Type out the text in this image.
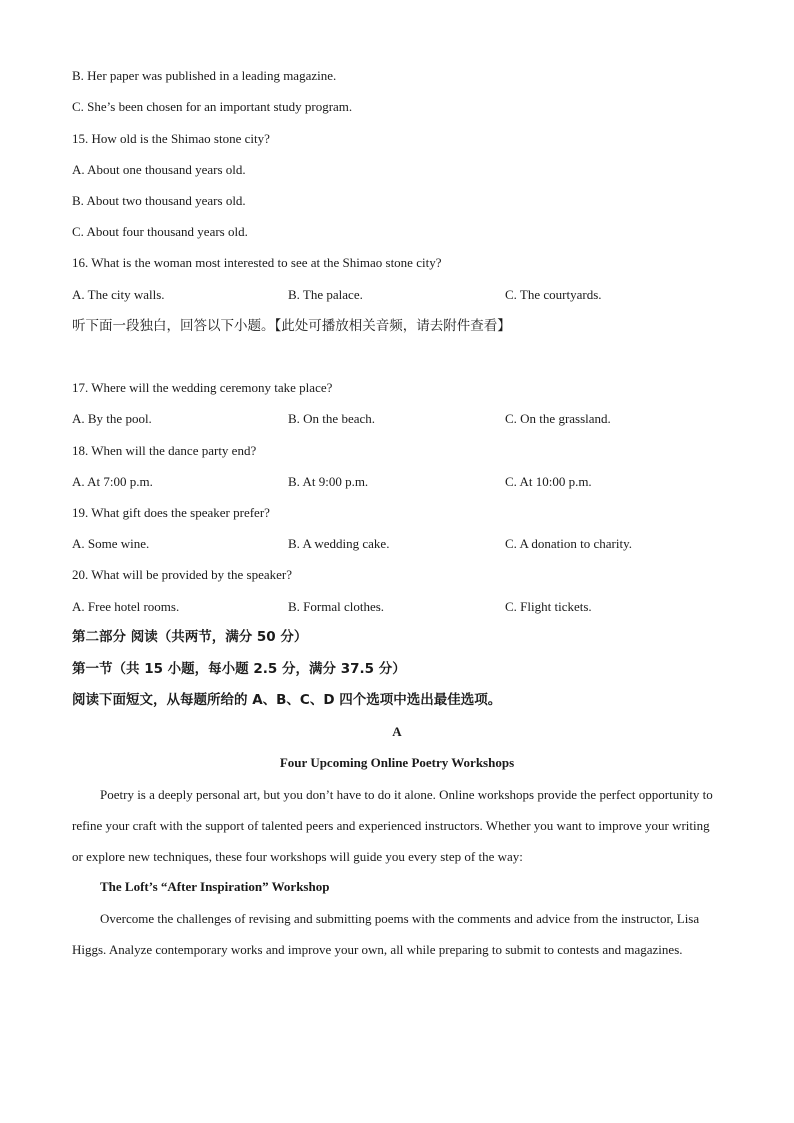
B. Her paper was published in a leading magazine.
C. She’s been chosen for an important study program.
15. How old is the Shimao stone city?
A. About one thousand years old.
B. About two thousand years old.
C. About four thousand years old.
16. What is the woman most interested to see at the Shimao stone city?
A. The city walls.	B. The palace.	C. The courtyards.
听下面一段独白，回答以下小题。【此处可播放相关音频，请去附件查看】
17. Where will the wedding ceremony take place?
A. By the pool.	B. On the beach.	C. On the grassland.
18. When will the dance party end?
A. At 7:00 p.m.	B. At 9:00 p.m.	C. At 10:00 p.m.
19. What gift does the speaker prefer?
A. Some wine.	B. A wedding cake.	C. A donation to charity.
20. What will be provided by the speaker?
A. Free hotel rooms.	B. Formal clothes.	C. Flight tickets.
第二部分 阅读（共两节，满分 50 分）
第一节（共 15 小题，每小题 2.5 分，满分 37.5 分）
阅读下面短文，从每题所给的 A、B、C、D 四个选项中选出最佳选项。
A
Four Upcoming Online Poetry Workshops
Poetry is a deeply personal art, but you don’t have to do it alone. Online workshops provide the perfect opportunity to refine your craft with the support of talented peers and experienced instructors. Whether you want to improve your writing or explore new techniques, these four workshops will guide you every step of the way:
The Loft’s “After Inspiration” Workshop
Overcome the challenges of revising and submitting poems with the comments and advice from the instructor, Lisa Higgs. Analyze contemporary works and improve your own, all while preparing to submit to contests and magazines.
